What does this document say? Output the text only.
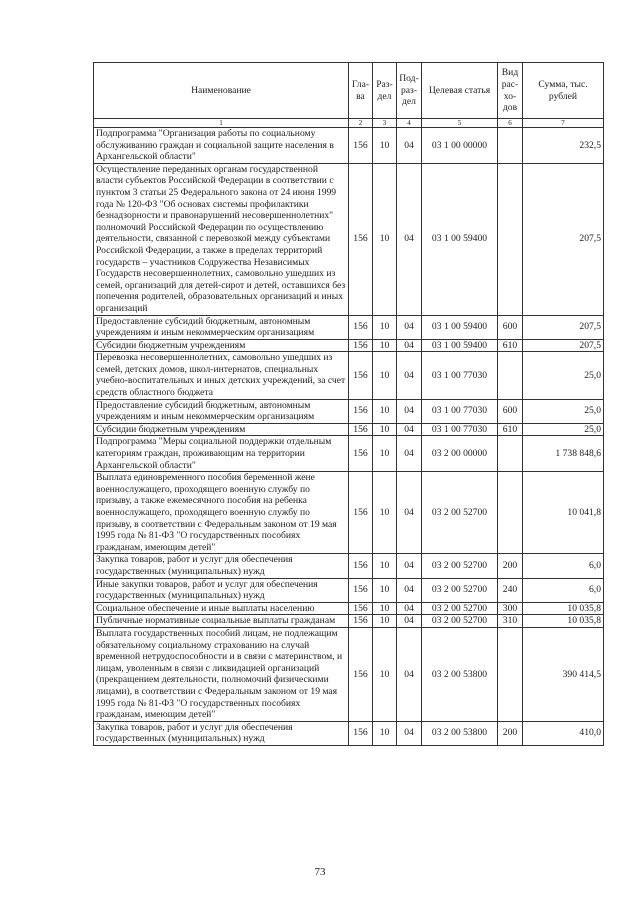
Наименование	Гла-ва	Раз-дел	Под-раз-дел	Целевая статья	Вид рас-хо-дов	Сумма, тыс. рублей
1	2	3	4	5	6	7
Подпрограмма "Организация работы по социальному обслуживанию граждан и социальной защите населения в Архангельской области"	156	10	04	03 1 00 00000		232,5
Осуществление переданных органам государственной власти субъектов Российской Федерации в соответствии с пунктом 3 статьи 25 Федерального закона от 24 июня 1999 года № 120-ФЗ "Об основах системы профилактики безнадзорности и правонарушений несовершеннолетних" полномочий Российской Федерации по осуществлению деятельности, связанной с перевозкой между субъектами Российской Федерации, а также в пределах территорий государств – участников Содружества Независимых Государств несовершеннолетних, самовольно ушедших из семей, организаций для детей-сирот и детей, оставшихся без попечения родителей, образовательных организаций и иных организаций	156	10	04	03 1 00 59400		207,5
Предоставление субсидий бюджетным, автономным учреждениям и иным некоммерческим организациям	156	10	04	03 1 00 59400	600	207,5
Субсидии бюджетным учреждениям	156	10	04	03 1 00 59400	610	207,5
Перевозка несовершеннолетних, самовольно ушедших из семей, детских домов, школ-интернатов, специальных учебно-воспитательных и иных детских учреждений, за счет средств областного бюджета	156	10	04	03 1 00 77030		25,0
Предоставление субсидий бюджетным, автономным учреждениям и иным некоммерческим организациям	156	10	04	03 1 00 77030	600	25,0
Субсидии бюджетным учреждениям	156	10	04	03 1 00 77030	610	25,0
Подпрограмма "Меры социальной поддержки отдельным категориям граждан, проживающим на территории Архангельской области"	156	10	04	03 2 00 00000		1 738 848,6
Выплата единовременного пособия беременной жене военнослужащего, проходящего военную службу по призыву, а также ежемесячного пособия на ребенка военнослужащего, проходящего военную службу по призыву, в соответствии с Федеральным законом от 19 мая 1995 года № 81-ФЗ "О государственных пособиях гражданам, имеющим детей"	156	10	04	03 2 00 52700		10 041,8
Закупка товаров, работ и услуг для обеспечения государственных (муниципальных) нужд	156	10	04	03 2 00 52700	200	6,0
Иные закупки товаров, работ и услуг для обеспечения государственных (муниципальных) нужд	156	10	04	03 2 00 52700	240	6,0
Социальное обеспечение и иные выплаты населению	156	10	04	03 2 00 52700	300	10 035,8
Публичные нормативные социальные выплаты гражданам	156	10	04	03 2 00 52700	310	10 035,8
Выплата государственных пособий лицам, не подлежащим обязательному социальному страхованию на случай временной нетрудоспособности и в связи с материнством, и лицам, уволенным в связи с ликвидацией организаций (прекращением деятельности, полномочий физическими лицами), в соответствии с Федеральным законом от 19 мая 1995 года № 81-ФЗ "О государственных пособиях гражданам, имеющим детей"	156	10	04	03 2 00 53800		390 414,5
Закупка товаров, работ и услуг для обеспечения государственных (муниципальных) нужд	156	10	04	03 2 00 53800	200	410,0
73
